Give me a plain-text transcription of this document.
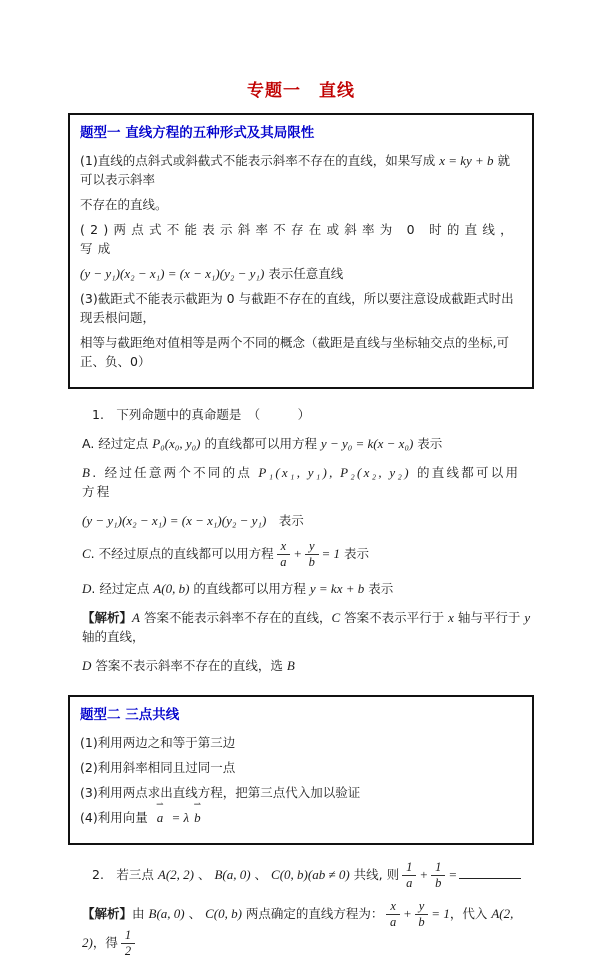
专题一　直线
题型一 直线方程的五种形式及其局限性
(1)直线的点斜式或斜截式不能表示斜率不存在的直线，如果写成 x = ky + b 就可以表示斜率
不存在的直线。
(2)两点式不能表示斜率不存在或斜率为 0 时的直线，写成
(y − y₁)(x₂ − x₁) = (x − x₁)(y₂ − y₁) 表示任意直线
(3)截距式不能表示截距为 0 与截距不存在的直线，所以要注意设成截距式时出现丢根问题，
相等与截距绝对值相等是两个不同的概念（截距是直线与坐标轴交点的坐标,可正、负、0）
1.　下列命题中的真命题是　（　　　）
A. 经过定点 P₀(x₀, y₀) 的直线都可以用方程 y − y₀ = k(x − x₀) 表示
B. 经过任意两个不同的点 P₁(x₁, y₁), P₂(x₂, y₂) 的直线都可以用方程
(y − y₁)(x₂ − x₁) = (x − x₁)(y₂ − y₁)　表示
C. 不经过原点的直线都可以用方程 $\frac{x}{a} + \frac{y}{b} = 1$ 表示
D. 经过定点 A(0, b) 的直线都可以用方程 y = kx + b 表示
【解析】A 答案不能表示斜率不存在的直线，C 答案不表示平行于 x 轴与平行于 y 轴的直线，
D 答案不表示斜率不存在的直线，选 B
题型二 三点共线
(1)利用两边之和等于第三边
(2)利用斜率相同且过同一点
(3)利用两点求出直线方程，把第三点代入加以验证
(4)利用向量
⇀
a = λ
⇀
b
2.　若三点 A(2, 2) 、 B(a, 0) 、 C(0, b)(ab ≠ 0) 共线, 则 $\frac{1}{a} + \frac{1}{b}$ =
【解析】由 B(a, 0) 、 C(0, b) 两点确定的直线方程为： $\frac{x}{a} + \frac{y}{b} = 1$，代入 A(2, 2)，得 $\frac{1}{2}$
